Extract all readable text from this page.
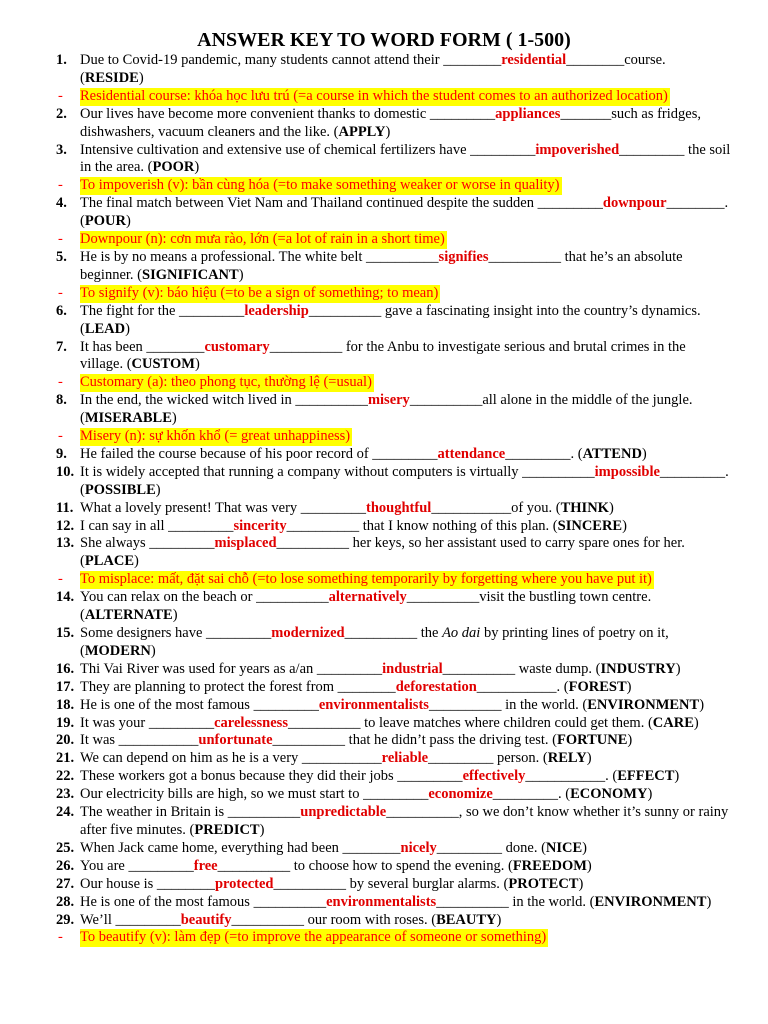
ANSWER KEY TO WORD FORM ( 1-500)
1. Due to Covid-19 pandemic, many students cannot attend their ________residential________course. (RESIDE)
-	Residential course: khóa học lưu trú (=a course in which the student comes to an authorized location)
2. Our lives have become more convenient thanks to domestic _________appliances_______such as fridges, dishwashers, vacuum cleaners and the like. (APPLY)
3. Intensive cultivation and extensive use of chemical fertilizers have _________impoverished_________ the soil in the area. (POOR)
-	To impoverish (v): bần cùng hóa (=to make something weaker or worse in quality)
4. The final match between Viet Nam and Thailand continued despite the sudden _________downpour________. (POUR)
-	Downpour (n): cơn mưa rào, lớn (=a lot of rain in a short time)
5. He is by no means a professional. The white belt __________signifies__________ that he’s an absolute beginner. (SIGNIFICANT)
-	To signify (v): báo hiệu (=to be a sign of something; to mean)
6. The fight for the _________leadership__________ gave a fascinating insight into the country’s dynamics. (LEAD)
7. It has been ________customary__________ for the Anbu to investigate serious and brutal crimes in the village. (CUSTOM)
-	Customary (a): theo phong tục, thường lệ (=usual)
8. In the end, the wicked witch lived in __________misery__________all alone in the middle of the jungle. (MISERABLE)
-	Misery (n): sự khốn khổ (= great unhappiness)
9. He failed the course because of his poor record of _________attendance_________. (ATTEND)
10. It is widely accepted that running a company without computers is virtually __________impossible_________. (POSSIBLE)
11. What a lovely present! That was very _________thoughtful___________of you. (THINK)
12. I can say in all _________sincerity__________ that I know nothing of this plan. (SINCERE)
13. She always _________misplaced__________ her keys, so her assistant used to carry spare ones for her. (PLACE)
-	To misplace: mất, đặt sai chỗ (=to lose something temporarily by forgetting where you have put it)
14. You can relax on the beach or __________alternatively__________visit the bustling town centre. (ALTERNATE)
15. Some designers have _________modernized__________ the Ao dai by printing lines of poetry on it, (MODERN)
16. Thi Vai River was used for years as a/an _________industrial__________ waste dump. (INDUSTRY)
17. They are planning to protect the forest from ________deforestation___________. (FOREST)
18. He is one of the most famous _________environmentalists__________ in the world. (ENVIRONMENT)
19. It was your _________carelessness__________ to leave matches where children could get them. (CARE)
20. It was ___________unfortunate__________ that he didn’t pass the driving test. (FORTUNE)
21. We can depend on him as he is a very ___________reliable_________ person. (RELY)
22. These workers got a bonus because they did their jobs _________effectively___________. (EFFECT)
23. Our electricity bills are high, so we must start to _________economize_________. (ECONOMY)
24. The weather in Britain is __________unpredictable__________, so we don’t know whether it’s sunny or rainy after five minutes. (PREDICT)
25. When Jack came home, everything had been ________nicely_________ done. (NICE)
26. You are _________free__________ to choose how to spend the evening. (FREEDOM)
27. Our house is ________protected__________ by several burglar alarms. (PROTECT)
28. He is one of the most famous __________environmentalists__________ in the world. (ENVIRONMENT)
29. We’ll _________beautify__________ our room with roses. (BEAUTY)
-	To beautify (v): làm đẹp (=to improve the appearance of someone or something)
